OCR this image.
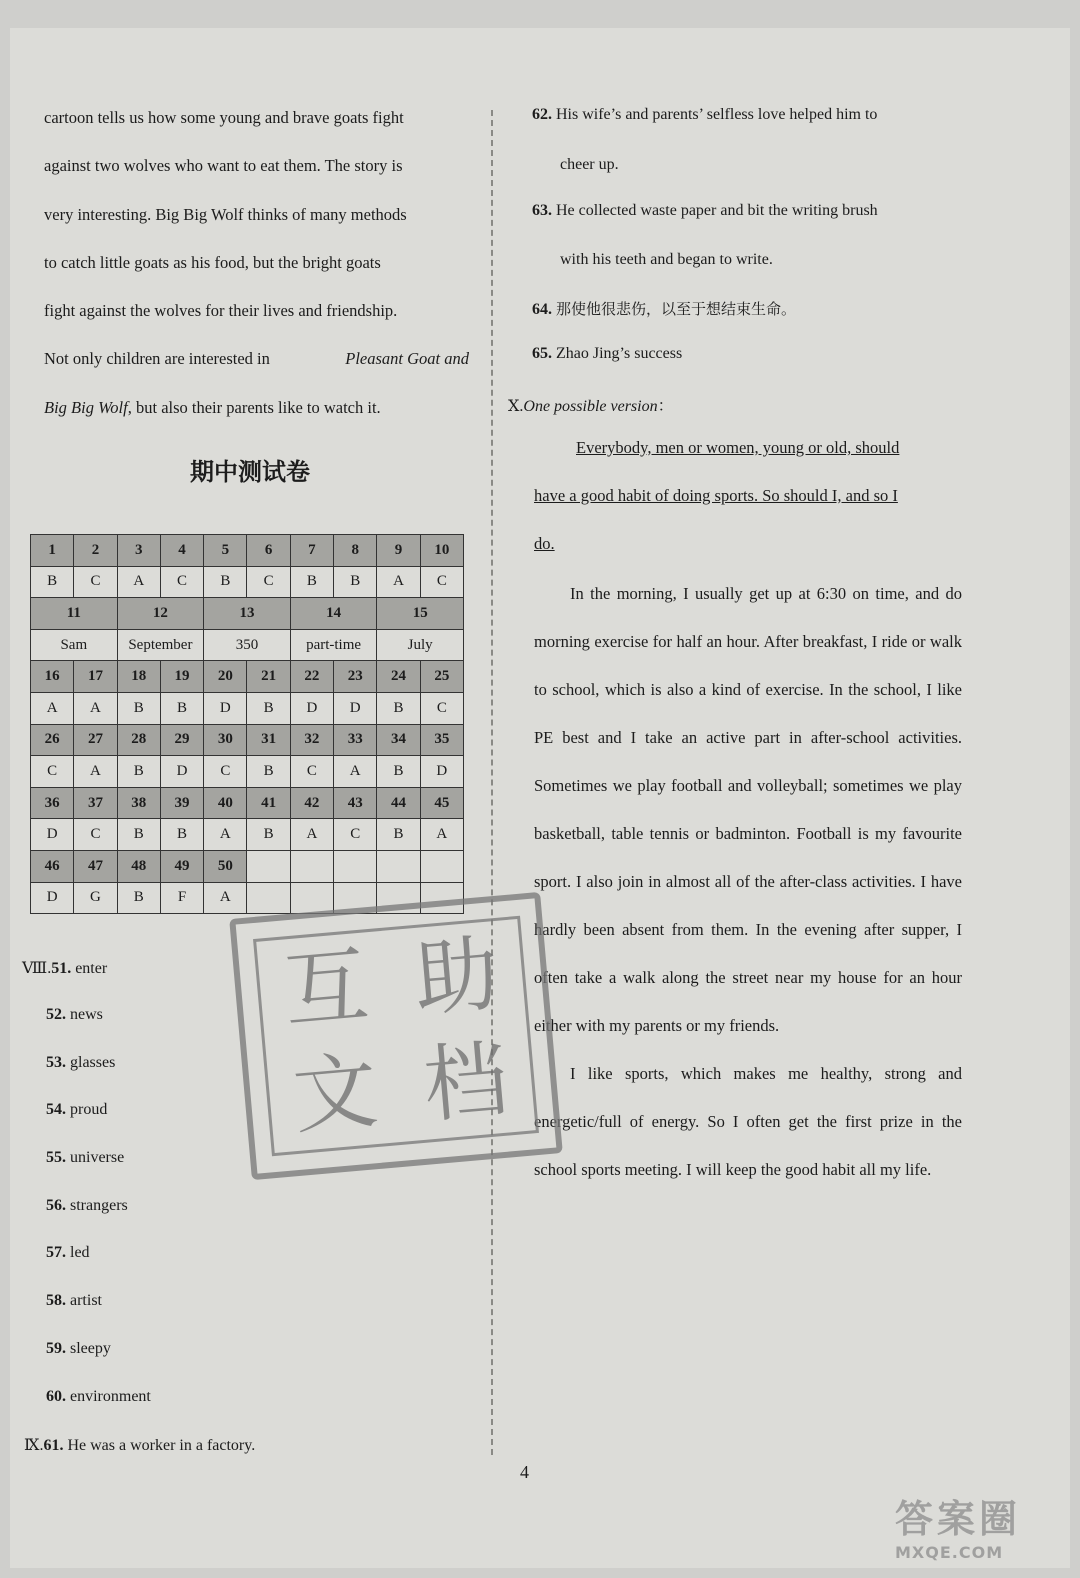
cartoon tells us how some young and brave goats fight
against two wolves who want to eat them. The story is
very interesting. Big Big Wolf thinks of many methods
to catch little goats as his food, but the bright goats
fight against the wolves for their lives and friendship.
Not only children are interested in	Pleasant Goat and
Big Big Wolf, but also their parents like to watch it.
期中测试卷
1	2	3	4	5	6	7	8	9	10
B	C	A	C	B	C	B	B	A	C
11		12		13		14		15	
Sam		September		350		part-time		July	
16	17	18	19	20	21	22	23	24	25
A	A	B	B	D	B	D	D	B	C
26	27	28	29	30	31	32	33	34	35
C	A	B	D	C	B	C	A	B	D
36	37	38	39	40	41	42	43	44	45
D	C	B	B	A	B	A	C	B	A
46	47	48	49	50					
D	G	B	F	A					
Ⅷ.51. enter
52. news
53. glasses
54. proud
55. universe
56. strangers
57. led
58. artist
59. sleepy
60. environment
Ⅸ.61. He was a worker in a factory.
62. His wife’s and parents’ selfless love helped him to
cheer up.
63. He collected waste paper and bit the writing brush
with his teeth and began to write.
64. 那使他很悲伤，以至于想结束生命。
65. Zhao Jing’s success
Ⅹ.One possible version：
Everybody, men or women, young or old, should
have a good habit of doing sports. So should I, and so I
do.

In the morning, I usually get up at 6:30 on time, and do morning exercise for half an hour. After breakfast, I ride or walk to school, which is also a kind of exercise. In the school, I like PE best and I take an active part in after-school activities. Sometimes we play football and volleyball; sometimes we play basketball, table tennis or badminton. Football is my favourite sport. I also join in almost all of the after-class activities. I have hardly been absent from them. In the evening after supper, I often take a walk along the street near my house for an hour either with my parents or my friends.

I like sports, which makes me healthy, strong and energetic/full of energy. So I often get the first prize in the school sports meeting. I will keep the good habit all my life.

4
互 助
文 档
答案圈
MXQE.COM
